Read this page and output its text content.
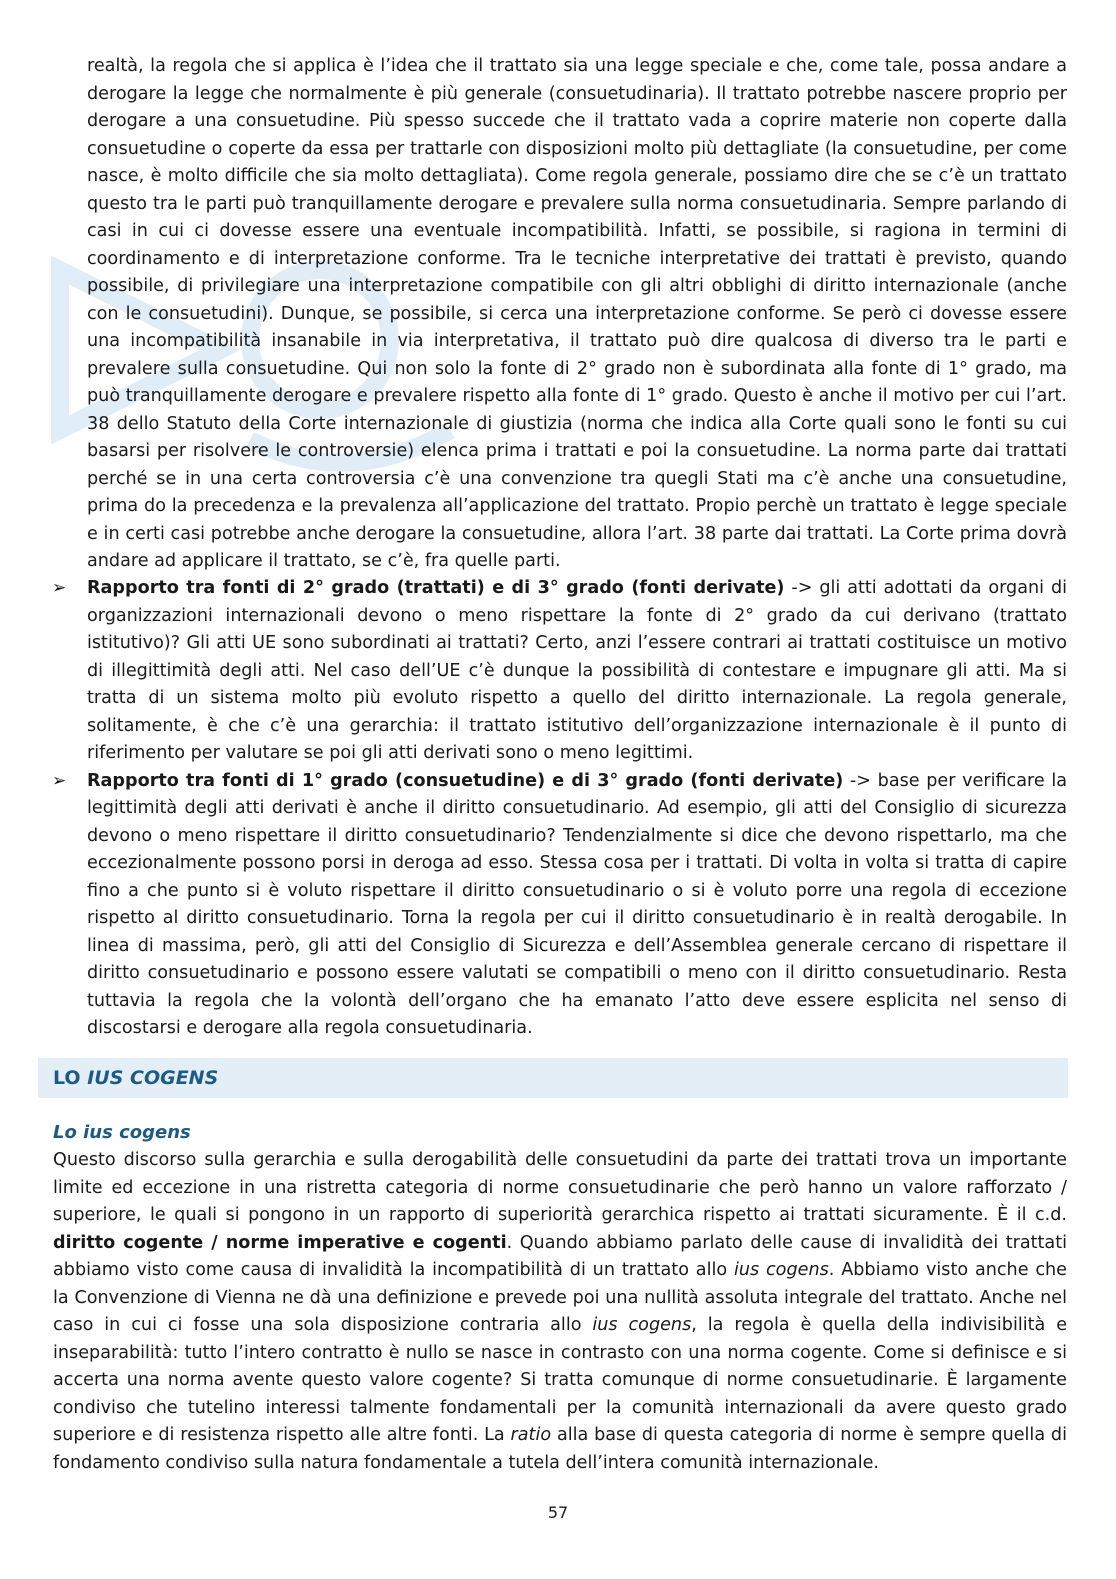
realtà, la regola che si applica è l’idea che il trattato sia una legge speciale e che, come tale, possa andare a derogare la legge che normalmente è più generale (consuetudinaria). Il trattato potrebbe nascere proprio per derogare a una consuetudine. Più spesso succede che il trattato vada a coprire materie non coperte dalla consuetudine o coperte da essa per trattarle con disposizioni molto più dettagliate (la consuetudine, per come nasce, è molto difficile che sia molto dettagliata). Come regola generale, possiamo dire che se c’è un trattato questo tra le parti può tranquillamente derogare e prevalere sulla norma consuetudinaria. Sempre parlando di casi in cui ci dovesse essere una eventuale incompatibilità. Infatti, se possibile, si ragiona in termini di coordinamento e di interpretazione conforme. Tra le tecniche interpretative dei trattati è previsto, quando possibile, di privilegiare una interpretazione compatibile con gli altri obblighi di diritto internazionale (anche con le consuetudini). Dunque, se possibile, si cerca una interpretazione conforme. Se però ci dovesse essere una incompatibilità insanabile in via interpretativa, il trattato può dire qualcosa di diverso tra le parti e prevalere sulla consuetudine. Qui non solo la fonte di 2° grado non è subordinata alla fonte di 1° grado, ma può tranquillamente derogare e prevalere rispetto alla fonte di 1° grado. Questo è anche il motivo per cui l’art. 38 dello Statuto della Corte internazionale di giustizia (norma che indica alla Corte quali sono le fonti su cui basarsi per risolvere le controversie) elenca prima i trattati e poi la consuetudine. La norma parte dai trattati perché se in una certa controversia c’è una convenzione tra quegli Stati ma c’è anche una consuetudine, prima do la precedenza e la prevalenza all’applicazione del trattato. Propio perchè un trattato è legge speciale e in certi casi potrebbe anche derogare la consuetudine, allora l’art. 38 parte dai trattati. La Corte prima dovrà andare ad applicare il trattato, se c’è, fra quelle parti.

➢ Rapporto tra fonti di 2° grado (trattati) e di 3° grado (fonti derivate) -> gli atti adottati da organi di organizzazioni internazionali devono o meno rispettare la fonte di 2° grado da cui derivano (trattato istitutivo)? Gli atti UE sono subordinati ai trattati? Certo, anzi l’essere contrari ai trattati costituisce un motivo di illegittimità degli atti. Nel caso dell’UE c’è dunque la possibilità di contestare e impugnare gli atti. Ma si tratta di un sistema molto più evoluto rispetto a quello del diritto internazionale. La regola generale, solitamente, è che c’è una gerarchia: il trattato istitutivo dell’organizzazione internazionale è il punto di riferimento per valutare se poi gli atti derivati sono o meno legittimi.

➢ Rapporto tra fonti di 1° grado (consuetudine) e di 3° grado (fonti derivate) -> base per verificare la legittimità degli atti derivati è anche il diritto consuetudinario. Ad esempio, gli atti del Consiglio di sicurezza devono o meno rispettare il diritto consuetudinario? Tendenzialmente si dice che devono rispettarlo, ma che eccezionalmente possono porsi in deroga ad esso. Stessa cosa per i trattati. Di volta in volta si tratta di capire fino a che punto si è voluto rispettare il diritto consuetudinario o si è voluto porre una regola di eccezione rispetto al diritto consuetudinario. Torna la regola per cui il diritto consuetudinario è in realtà derogabile. In linea di massima, però, gli atti del Consiglio di Sicurezza e dell’Assemblea generale cercano di rispettare il diritto consuetudinario e possono essere valutati se compatibili o meno con il diritto consuetudinario. Resta tuttavia la regola che la volontà dell’organo che ha emanato l’atto deve essere esplicita nel senso di discostarsi e derogare alla regola consuetudinaria.

LO IUS COGENS
Lo ius cogens

Questo discorso sulla gerarchia e sulla derogabilità delle consuetudini da parte dei trattati trova un importante limite ed eccezione in una ristretta categoria di norme consuetudinarie che però hanno un valore rafforzato / superiore, le quali si pongono in un rapporto di superiorità gerarchica rispetto ai trattati sicuramente. È il c.d. diritto cogente / norme imperative e cogenti. Quando abbiamo parlato delle cause di invalidità dei trattati abbiamo visto come causa di invalidità la incompatibilità di un trattato allo ius cogens. Abbiamo visto anche che la Convenzione di Vienna ne dà una definizione e prevede poi una nullità assoluta integrale del trattato. Anche nel caso in cui ci fosse una sola disposizione contraria allo ius cogens, la regola è quella della indivisibilità e inseparabilità: tutto l’intero contratto è nullo se nasce in contrasto con una norma cogente. Come si definisce e si accerta una norma avente questo valore cogente? Si tratta comunque di norme consuetudinarie. È largamente condiviso che tutelino interessi talmente fondamentali per la comunità internazionali da avere questo grado superiore e di resistenza rispetto alle altre fonti. La ratio alla base di questa categoria di norme è sempre quella di fondamento condiviso sulla natura fondamentale a tutela dell’intera comunità internazionale.

57
